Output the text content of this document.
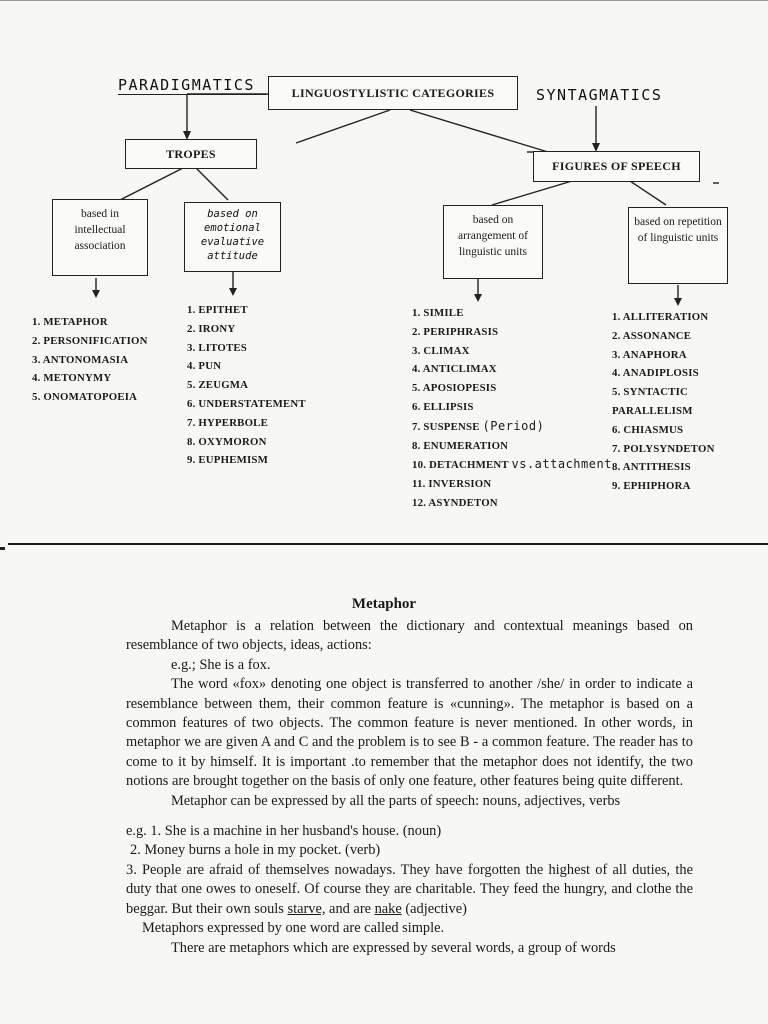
PARADIGMATICS
SYNTAGMATICS
LINGUOSTYLISTIC CATEGORIES
TROPES
FIGURES OF SPEECH
based in intellectual association
based on emotional evaluative attitude
based on arrangement of linguistic units
based on repetition of linguistic units
1. METAPHOR
2. PERSONIFICATION
3. ANTONOMASIA
4. METONYMY
5. ONOMATOPOEIA
1. EPITHET
2. IRONY
3. LITOTES
4. PUN
5. ZEUGMA
6. UNDERSTATEMENT
7. HYPERBOLE
8. OXYMORON
9. EUPHEMISM
1. SIMILE
2. PERIPHRASIS
3. CLIMAX
4. ANTICLIMAX
5. APOSIOPESIS
6. ELLIPSIS
7. SUSPENSE (Period)
8. ENUMERATION
10. DETACHMENT vs.attachment
11. INVERSION
12. ASYNDETON
1. ALLITERATION
2. ASSONANCE
3. ANAPHORA
4. ANADIPLOSIS
5. SYNTACTIC
PARALLELISM
6. CHIASMUS
7. POLYSYNDETON
8. ANTITHESIS
9. EPHIPHORA
Metaphor

Metaphor is a relation between the dictionary and contextual meanings based on resemblance of two objects, ideas, actions:

e.g.; She is a fox.

The word «fox» denoting one object is transferred to another /she/ in order to indicate a resemblance between them, their common feature is «cunning». The metaphor is based on a common features of two objects. The common feature is never mentioned. In other words, in metaphor we are given A and C and the problem is to see B - a common feature. The reader has to come to it by himself. It is important .to remember that the metaphor does not identify, the two notions are brought together on the basis of only one feature, other features being quite different.

Metaphor can be expressed by all the parts of speech: nouns, adjectives, verbs

e.g. 1. She is a machine in her husband's house. (noun)

2. Money burns a hole in my pocket. (verb)

3. People are afraid of themselves nowadays. They have forgotten the highest of all duties, the duty that one owes to oneself. Of course they are charitable. They feed the hungry, and clothe the beggar. But their own souls starve, and are nake (adjective)

Metaphors expressed by one word are called simple.

There are metaphors which are expressed by several words, a group of words
